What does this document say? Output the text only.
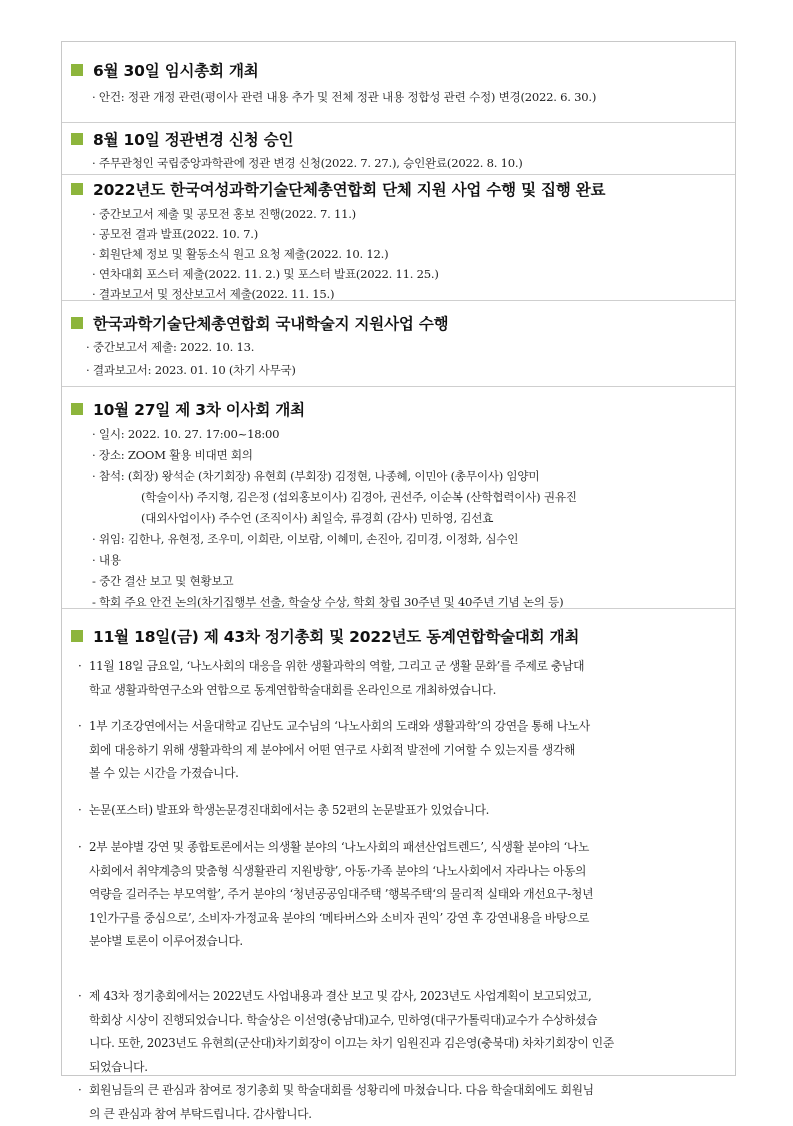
6월 30일 임시총회 개최
· 안건: 정관 개정 관련(평이사 관련 내용 추가 및 전체 정관 내용 정합성 관련 수정) 변경(2022. 6. 30.)
8월 10일 정관변경 신청 승인
· 주무관청인 국립중앙과학관에 정관 변경 신청(2022. 7. 27.), 승인완료(2022. 8. 10.)
2022년도 한국여성과학기술단체총연합회 단체 지원 사업 수행 및 집행 완료
· 중간보고서 제출 및 공모전 홍보 진행(2022. 7. 11.)
· 공모전 결과 발표(2022. 10. 7.)
· 회원단체 정보 및 활동소식 원고 요청 제출(2022. 10. 12.)
· 연차대회 포스터 제출(2022. 11. 2.) 및 포스터 발표(2022. 11. 25.)
· 결과보고서 및 정산보고서 제출(2022. 11. 15.)
한국과학기술단체총연합회 국내학술지 지원사업 수행
· 중간보고서 제출: 2022. 10. 13.
· 결과보고서: 2023. 01. 10 (차기 사무국)
10월 27일 제 3차 이사회 개최
· 일시: 2022. 10. 27. 17:00~18:00
· 장소: ZOOM 활용 비대면 회의
· 참석: (회장) 왕석순 (차기회장) 유현희 (부회장) 김정현, 나종혜, 이민아 (총무이사) 임양미
(학술이사) 주지형, 김은정 (섭외홍보이사) 김경아, 권선주, 이순복 (산학협력이사) 권유진
(대외사업이사) 주수언 (조직이사) 최일숙, 류경희 (감사) 민하영, 김선효
· 위임: 김한나, 유현정, 조우미, 이희란, 이보람, 이혜미, 손진아, 김미경, 이정화, 심수인
· 내용
- 중간 결산 보고 및 현황보고
- 학회 주요 안건 논의(차기집행부 선출, 학술상 수상, 학회 창립 30주년 및 40주년 기념 논의 등)
11월 18일(금) 제 43차 정기총회 및 2022년도 동계연합학술대회 개최
· 11월 18일 금요일, ‘나노사회의 대응을 위한 생활과학의 역할, 그리고 군 생활 문화’를 주제로 충남대
학교 생활과학연구소와 연합으로 동계연합학술대회를 온라인으로 개최하였습니다.
· 1부 기조강연에서는 서울대학교 김난도 교수님의 ‘나노사회의 도래와 생활과학’의 강연을 통해 나노사
회에 대응하기 위해 생활과학의 제 분야에서 어떤 연구로 사회적 발전에 기여할 수 있는지를 생각해
볼 수 있는 시간을 가졌습니다.
· 논문(포스터) 발표와 학생논문경진대회에서는 총 52편의 논문발표가 있었습니다.
· 2부 분야별 강연 및 종합토론에서는 의생활 분야의 ‘나노사회의 패션산업트렌드’, 식생활 분야의 ‘나노
사회에서 취약계층의 맞춤형 식생활관리 지원방향’, 아동·가족 분야의 ‘나노사회에서 자라나는 아동의
역량을 길러주는 부모역할’, 주거 분야의 ‘청년공공임대주택 ’행복주택‘의 물리적 실태와 개선요구-청년
1인가구를 중심으로’, 소비자·가정교육 분야의 ‘메타버스와 소비자 권익’ 강연 후 강연내용을 바탕으로
분야별 토론이 이루어졌습니다.
· 제 43차 정기총회에서는 2022년도 사업내용과 결산 보고 및 감사, 2023년도 사업계획이 보고되었고,
학회상 시상이 진행되었습니다. 학술상은 이선영(충남대)교수, 민하영(대구가톨릭대)교수가 수상하셨습
니다. 또한, 2023년도 유현희(군산대)차기회장이 이끄는 차기 임원진과 김은영(충북대) 차차기회장이 인준
되었습니다.
· 회원님들의 큰 관심과 참여로 정기총회 및 학술대회를 성황리에 마쳤습니다. 다음 학술대회에도 회원님
의 큰 관심과 참여 부탁드립니다. 감사합니다.
